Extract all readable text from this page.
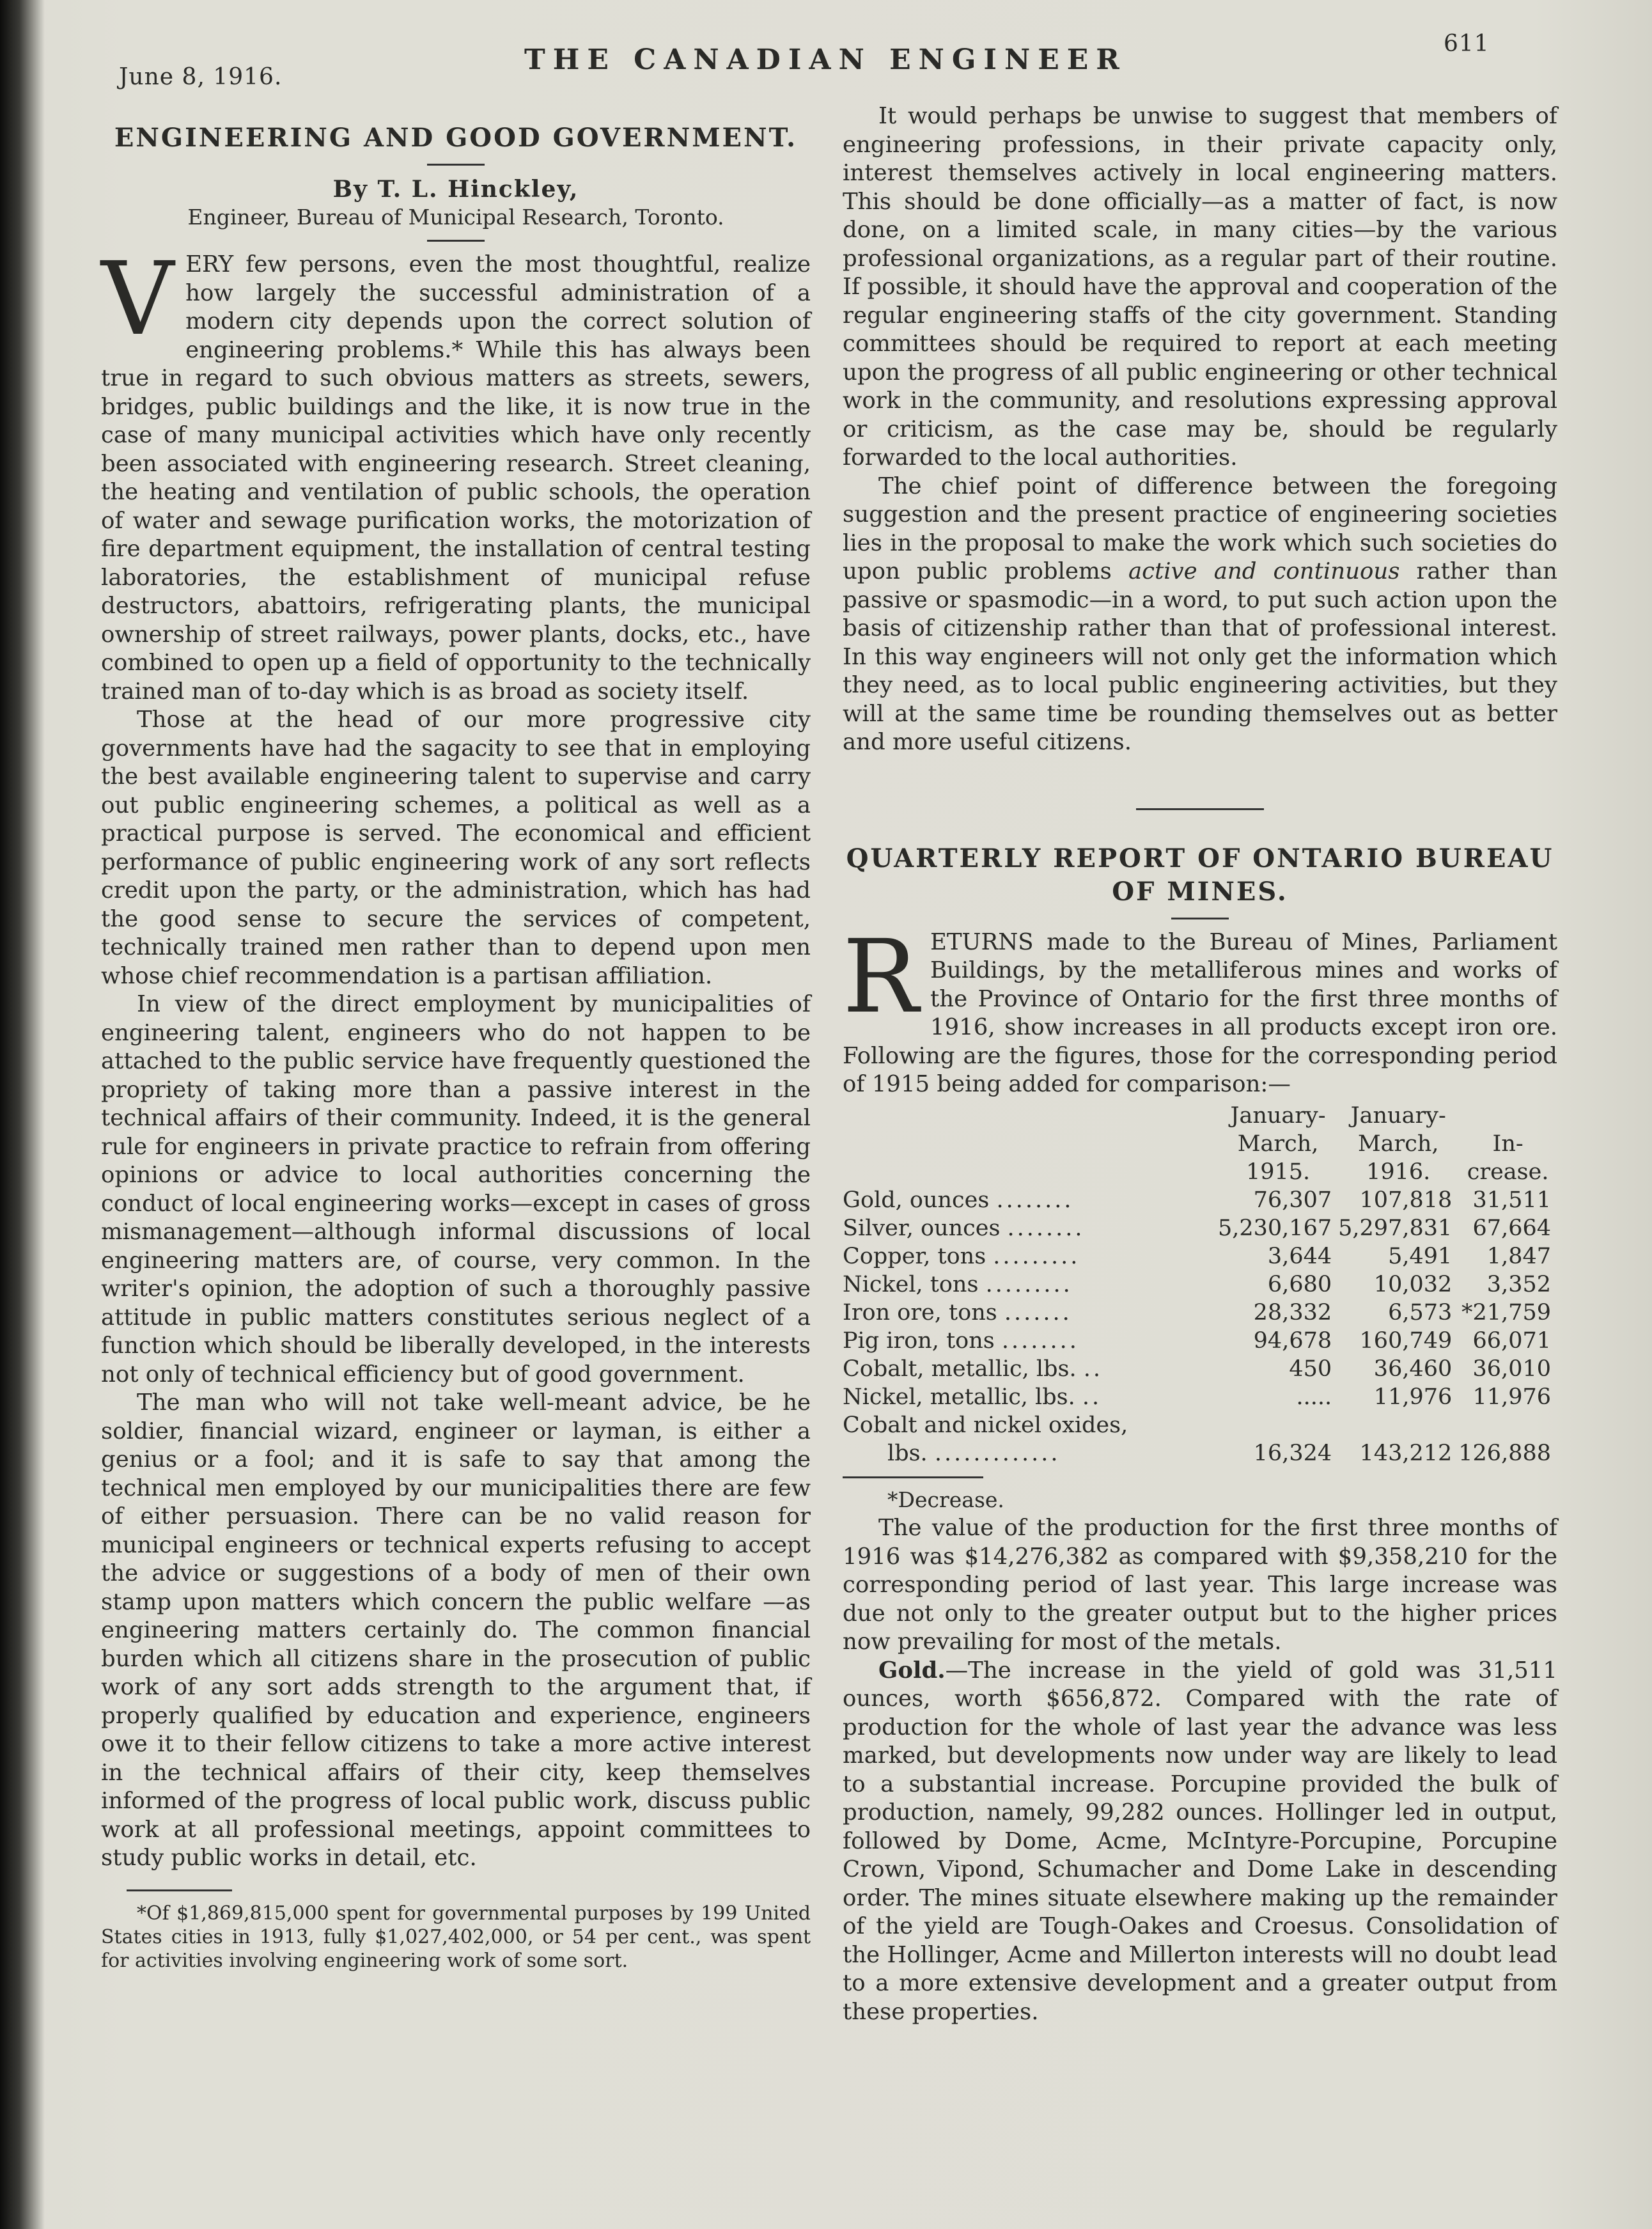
June 8, 1916.
THE CANADIAN ENGINEER	611
ENGINEERING AND GOOD GOVERNMENT.
By T. L. Hinckley,
Engineer, Bureau of Municipal Research, Toronto.

VERY few persons, even the most thoughtful, realize how largely the successful administration of a modern city depends upon the correct solution of engineering problems.* While this has always been true in regard to such obvious matters as streets, sewers, bridges, public buildings and the like, it is now true in the case of many municipal activities which have only recently been associated with engineering research. Street cleaning, the heating and ventilation of public schools, the operation of water and sewage purification works, the motorization of fire department equipment, the installation of central testing laboratories, the establishment of municipal refuse destructors, abattoirs, refrigerating plants, the municipal ownership of street railways, power plants, docks, etc., have combined to open up a field of opportunity to the technically trained man of to-day which is as broad as society itself.

Those at the head of our more progressive city governments have had the sagacity to see that in employing the best available engineering talent to supervise and carry out public engineering schemes, a political as well as a practical purpose is served. The economical and efficient performance of public engineering work of any sort reflects credit upon the party, or the administration, which has had the good sense to secure the services of competent, technically trained men rather than to depend upon men whose chief recommendation is a partisan affiliation.

In view of the direct employment by municipalities of engineering talent, engineers who do not happen to be attached to the public service have frequently questioned the propriety of taking more than a passive interest in the technical affairs of their community. Indeed, it is the general rule for engineers in private practice to refrain from offering opinions or advice to local authorities concerning the conduct of local engineering works—except in cases of gross mismanagement—although informal discussions of local engineering matters are, of course, very common. In the writer's opinion, the adoption of such a thoroughly passive attitude in public matters constitutes serious neglect of a function which should be liberally developed, in the interests not only of technical efficiency but of good government.

The man who will not take well-meant advice, be he soldier, financial wizard, engineer or layman, is either a genius or a fool; and it is safe to say that among the technical men employed by our municipalities there are few of either persuasion. There can be no valid reason for municipal engineers or technical experts refusing to accept the advice or suggestions of a body of men of their own stamp upon matters which concern the public welfare —as engineering matters certainly do. The common financial burden which all citizens share in the prosecution of public work of any sort adds strength to the argument that, if properly qualified by education and experience, engineers owe it to their fellow citizens to take a more active interest in the technical affairs of their city, keep themselves informed of the progress of local public work, discuss public work at all professional meetings, appoint committees to study public works in detail, etc.

*Of $1,869,815,000 spent for governmental purposes by 199 United States cities in 1913, fully $1,027,402,000, or 54 per cent., was spent for activities involving engineering work of some sort.

It would perhaps be unwise to suggest that members of engineering professions, in their private capacity only, interest themselves actively in local engineering matters. This should be done officially—as a matter of fact, is now done, on a limited scale, in many cities—by the various professional organizations, as a regular part of their routine. If possible, it should have the approval and cooperation of the regular engineering staffs of the city government. Standing committees should be required to report at each meeting upon the progress of all public engineering or other technical work in the community, and resolutions expressing approval or criticism, as the case may be, should be regularly forwarded to the local authorities.

The chief point of difference between the foregoing suggestion and the present practice of engineering societies lies in the proposal to make the work which such societies do upon public problems active and continuous rather than passive or spasmodic—in a word, to put such action upon the basis of citizenship rather than that of professional interest. In this way engineers will not only get the information which they need, as to local public engineering activities, but they will at the same time be rounding themselves out as better and more useful citizens.

QUARTERLY REPORT OF ONTARIO BUREAU
OF MINES.

RETURNS made to the Bureau of Mines, Parliament Buildings, by the metalliferous mines and works of the Province of Ontario for the first three months of 1916, show increases in all products except iron ore. Following are the figures, those for the corresponding period of 1915 being added for comparison:—

	January-
March,
1915.	January-
March,
1916.	In-
crease.
Gold, ounces ........	76,307	107,818	31,511
Silver, ounces ........	5,230,167	5,297,831	67,664
Copper, tons .........	3,644	5,491	1,847
Nickel, tons .........	6,680	10,032	3,352
Iron ore, tons .......	28,332	6,573	*21,759
Pig iron, tons ........	94,678	160,749	66,071
Cobalt, metallic, lbs. ..	450	36,460	36,010
Nickel, metallic, lbs. ..	.....	11,976	11,976
Cobalt and nickel oxides,			
lbs. .............	16,324	143,212	126,888

*Decrease.

The value of the production for the first three months of 1916 was $14,276,382 as compared with $9,358,210 for the corresponding period of last year. This large increase was due not only to the greater output but to the higher prices now prevailing for most of the metals.

Gold.—The increase in the yield of gold was 31,511 ounces, worth $656,872. Compared with the rate of production for the whole of last year the advance was less marked, but developments now under way are likely to lead to a substantial increase. Porcupine provided the bulk of production, namely, 99,282 ounces. Hollinger led in output, followed by Dome, Acme, McIntyre-Porcupine, Porcupine Crown, Vipond, Schumacher and Dome Lake in descending order. The mines situate elsewhere making up the remainder of the yield are Tough-Oakes and Croesus. Consolidation of the Hollinger, Acme and Millerton interests will no doubt lead to a more extensive development and a greater output from these properties.
